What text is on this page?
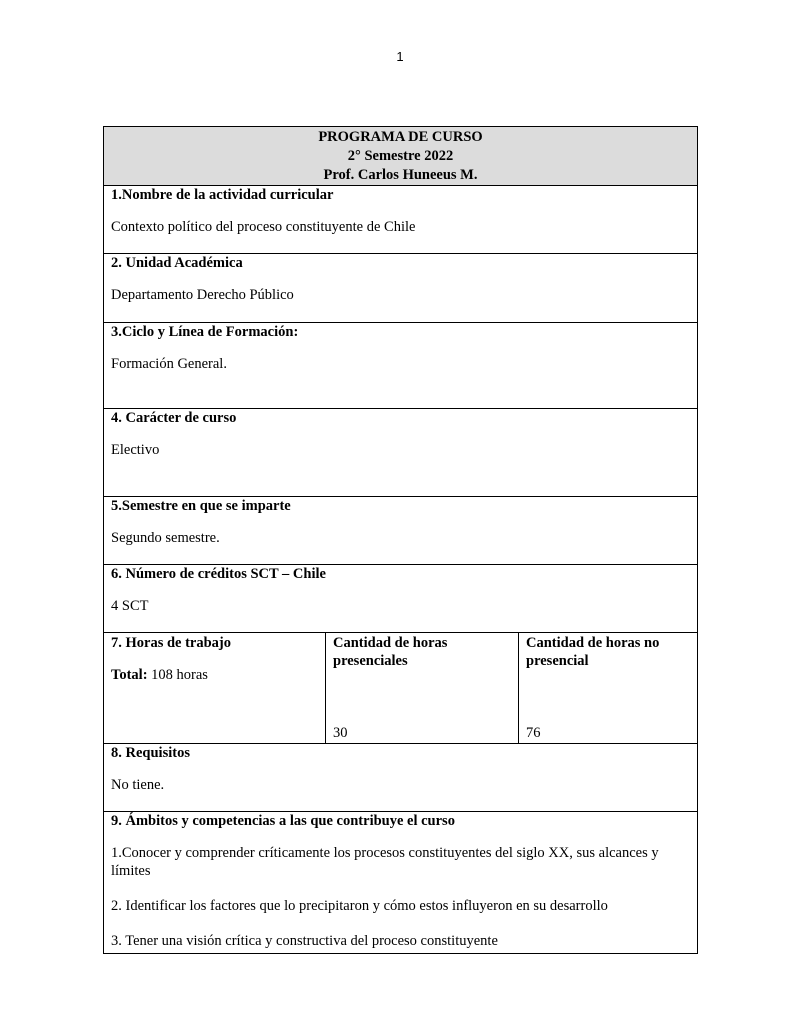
1
PROGRAMA DE CURSO
2° Semestre 2022
Prof. Carlos Huneeus M.

1.Nombre de la actividad curricular
Contexto político del proceso constituyente de Chile

2. Unidad Académica
Departamento Derecho Público

3.Ciclo y Línea de Formación:
Formación General.

4. Carácter de curso
Electivo

5.Semestre en que se imparte
Segundo semestre.

6. Número de créditos SCT – Chile
4 SCT

7. Horas de trabajo
Total: 108 horas

Cantidad de horas presenciales
30

Cantidad de horas no presencial
76

8. Requisitos
No tiene.

9. Ámbitos y competencias a las que contribuye el curso

1.Conocer y comprender críticamente los procesos constituyentes del siglo XX, sus alcances y límites

2. Identificar los factores que lo precipitaron y cómo estos influyeron en su desarrollo

3. Tener una visión crítica y constructiva del proceso constituyente
